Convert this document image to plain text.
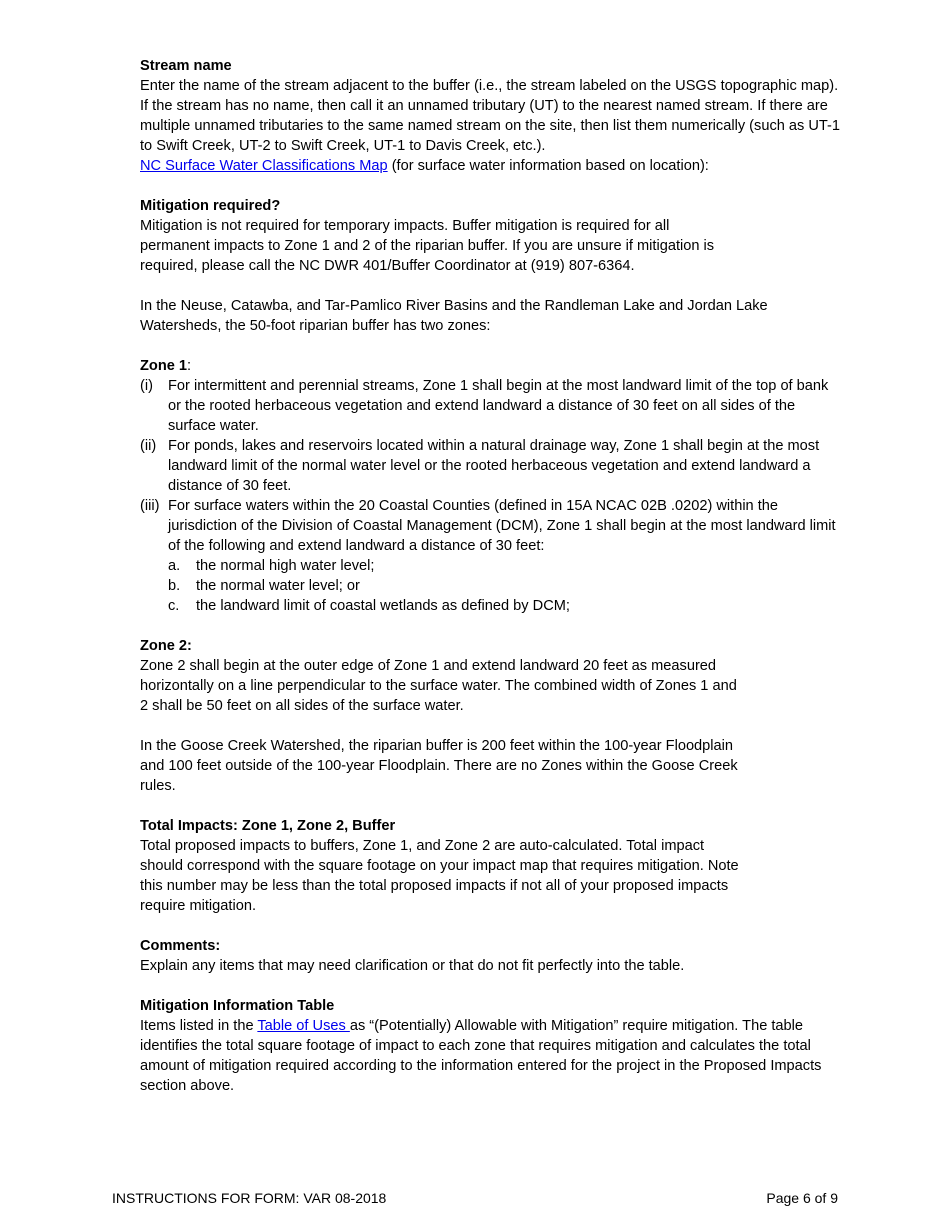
Stream name

Enter the name of the stream adjacent to the buffer (i.e., the stream labeled on the USGS topographic map). If the stream has no name, then call it an unnamed tributary (UT) to the nearest named stream. If there are multiple unnamed tributaries to the same named stream on the site, then list them numerically (such as UT-1 to Swift Creek, UT-2 to Swift Creek, UT-1 to Davis Creek, etc.).

NC Surface Water Classifications Map (for surface water information based on location):

Mitigation required?

Mitigation is not required for temporary impacts. Buffer mitigation is required for all permanent impacts to Zone 1 and 2 of the riparian buffer. If you are unsure if mitigation is required, please call the NC DWR 401/Buffer Coordinator at (919) 807-6364.

In the Neuse, Catawba, and Tar-Pamlico River Basins and the Randleman Lake and Jordan Lake Watersheds, the 50-foot riparian buffer has two zones:

Zone 1:

(i)	For intermittent and perennial streams, Zone 1 shall begin at the most landward limit of the top of bank or the rooted herbaceous vegetation and extend landward a distance of 30 feet on all sides of the surface water.
(ii) For ponds, lakes and reservoirs located within a natural drainage way, Zone 1 shall begin at the most landward limit of the normal water level or the rooted herbaceous vegetation and extend landward a distance of 30 feet.
(iii) For surface waters within the 20 Coastal Counties (defined in 15A NCAC 02B .0202) within the jurisdiction of the Division of Coastal Management (DCM), Zone 1 shall begin at the most landward limit of the following and extend landward a distance of 30 feet:
a.	the normal high water level;
b.	the normal water level; or
c.	the landward limit of coastal wetlands as defined by DCM;

Zone 2:

Zone 2 shall begin at the outer edge of Zone 1 and extend landward 20 feet as measured horizontally on a line perpendicular to the surface water. The combined width of Zones 1 and 2 shall be 50 feet on all sides of the surface water.

In the Goose Creek Watershed, the riparian buffer is 200 feet within the 100-year Floodplain and 100 feet outside of the 100-year Floodplain. There are no Zones within the Goose Creek rules.

Total Impacts: Zone 1, Zone 2, Buffer

Total proposed impacts to buffers, Zone 1, and Zone 2 are auto-calculated. Total impact should correspond with the square footage on your impact map that requires mitigation. Note this number may be less than the total proposed impacts if not all of your proposed impacts require mitigation.

Comments:

Explain any items that may need clarification or that do not fit perfectly into the table.

Mitigation Information Table

Items listed in the Table of Uses as “(Potentially) Allowable with Mitigation” require mitigation. The table identifies the total square footage of impact to each zone that requires mitigation and calculates the total amount of mitigation required according to the information entered for the project in the Proposed Impacts section above.

INSTRUCTIONS FOR FORM: VAR 08-2018	Page 6 of 9
